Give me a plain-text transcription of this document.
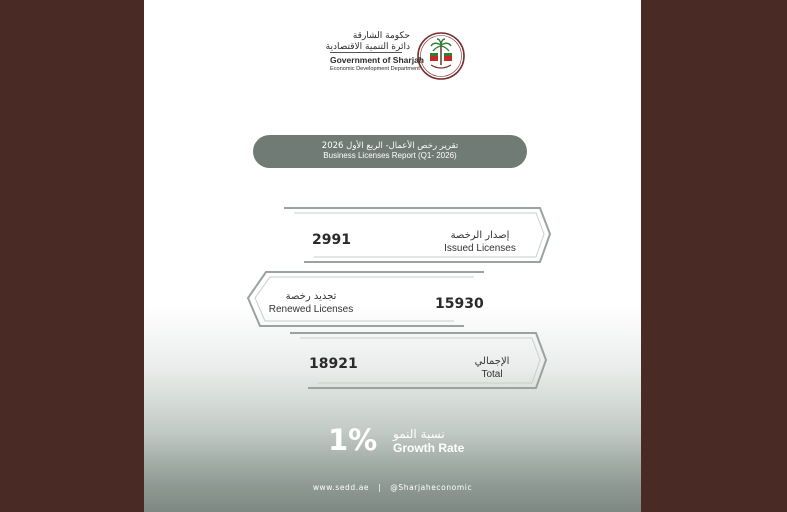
حكومة الشارقة
دائرة التنمية الاقتصادية
Government of Sharjah
Economic Development Department
تقرير رخص الأعمال- الربع الأول 2026
Business Licenses Report (Q1- 2026)
2991	إصدار الرخصة
Issued Licenses
تجديد رخصة
Renewed Licenses	15930
18921	الإجمالي
Total
1% نسبة النمو
Growth Rate
www.sedd.ae | @Sharjaheconomic
